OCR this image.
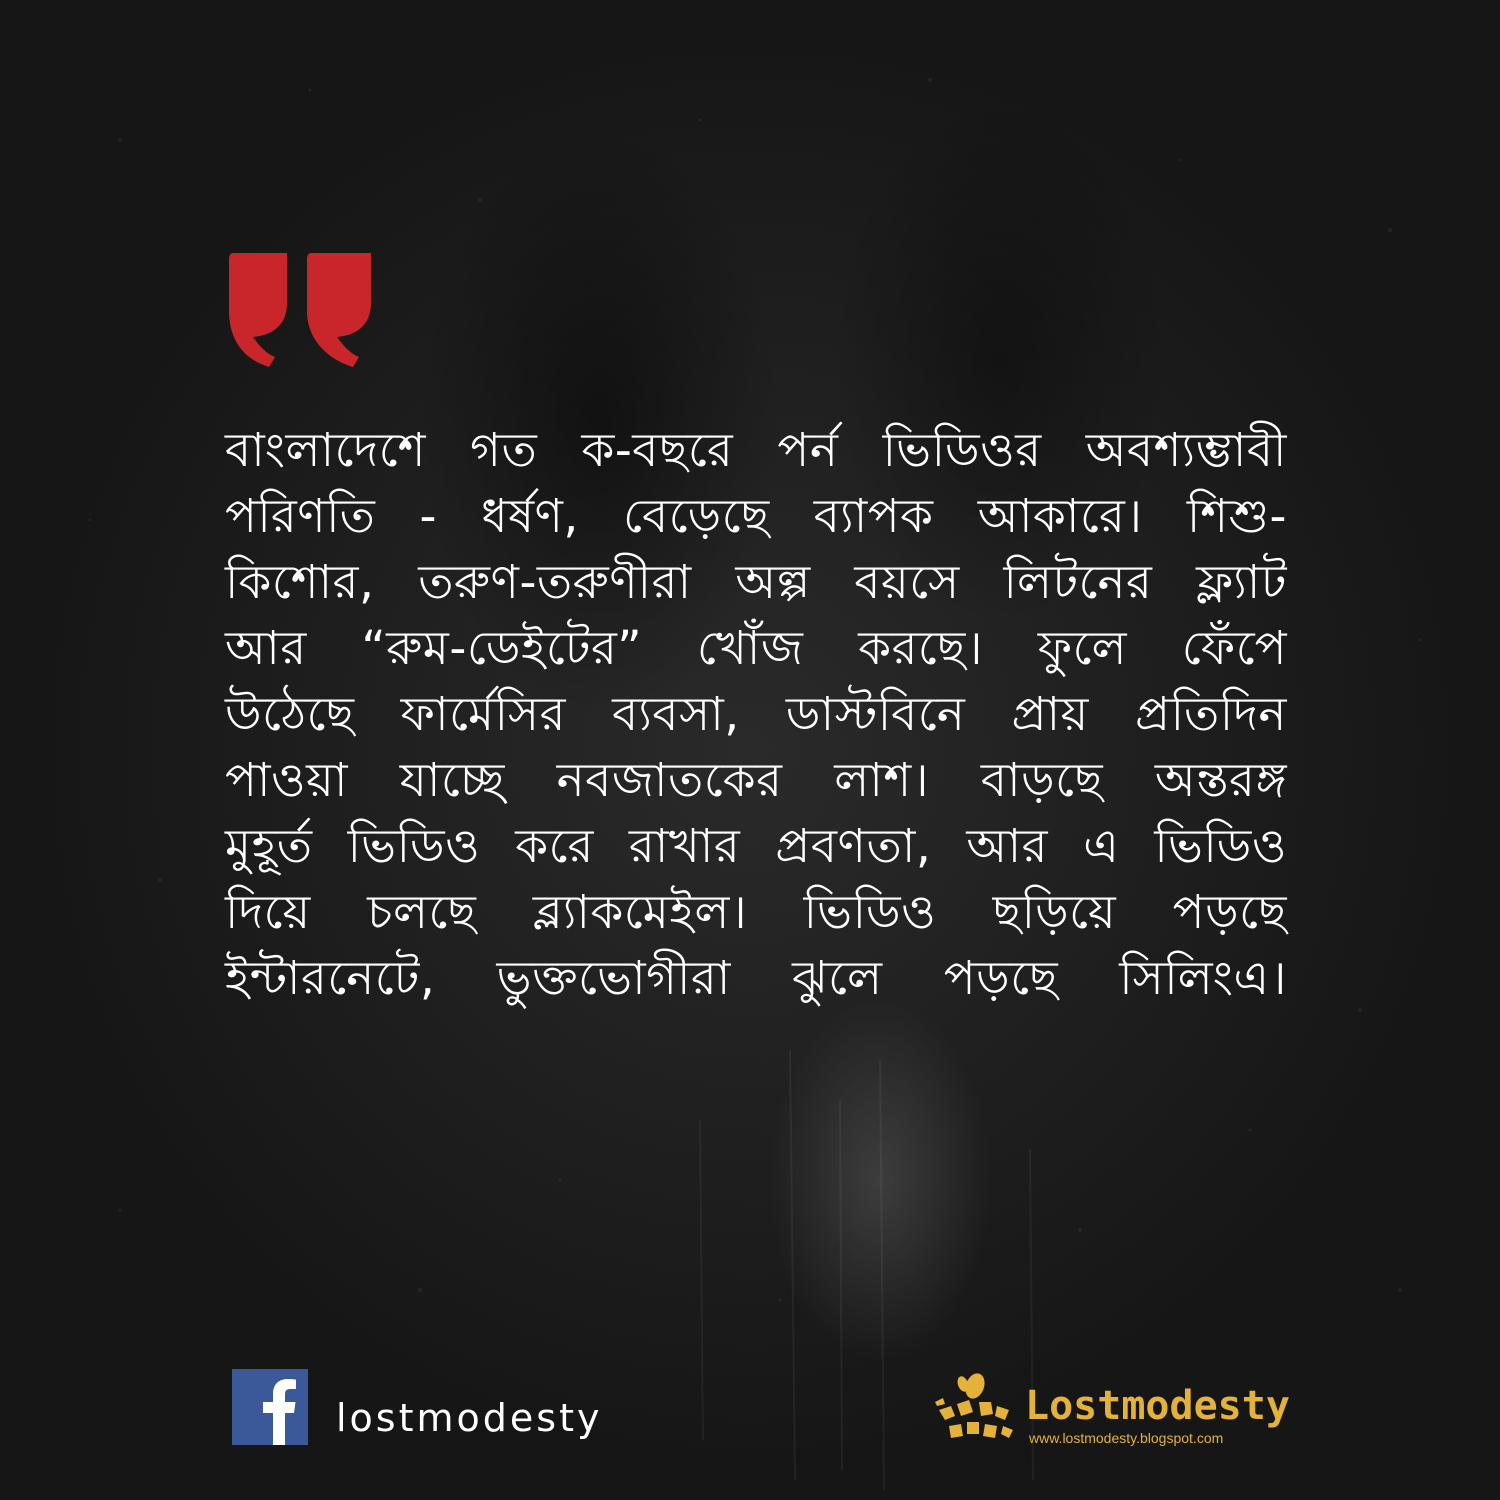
বাংলাদেশে গত ক-বছরে পর্ন ভিডিওর অবশ্যম্ভাবী
পরিণতি - ধর্ষণ, বেড়েছে ব্যাপক আকারে। শিশু-
কিশোর, তরুণ-তরুণীরা অল্প বয়সে লিটনের ফ্ল্যাট
আর “রুম-ডেইটের” খোঁজ করছে। ফুলে ফেঁপে
উঠেছে ফার্মেসির ব্যবসা, ডাস্টবিনে প্রায় প্রতিদিন
পাওয়া যাচ্ছে নবজাতকের লাশ। বাড়ছে অন্তরঙ্গ
মুহূর্ত ভিডিও করে রাখার প্রবণতা, আর এ ভিডিও
দিয়ে চলছে ব্ল্যাকমেইল। ভিডিও ছড়িয়ে পড়ছে
ইন্টারনেটে, ভুক্তভোগীরা ঝুলে পড়ছে সিলিংএ।

lostmodesty	Lostmodesty
www.lostmodesty.blogspot.com
